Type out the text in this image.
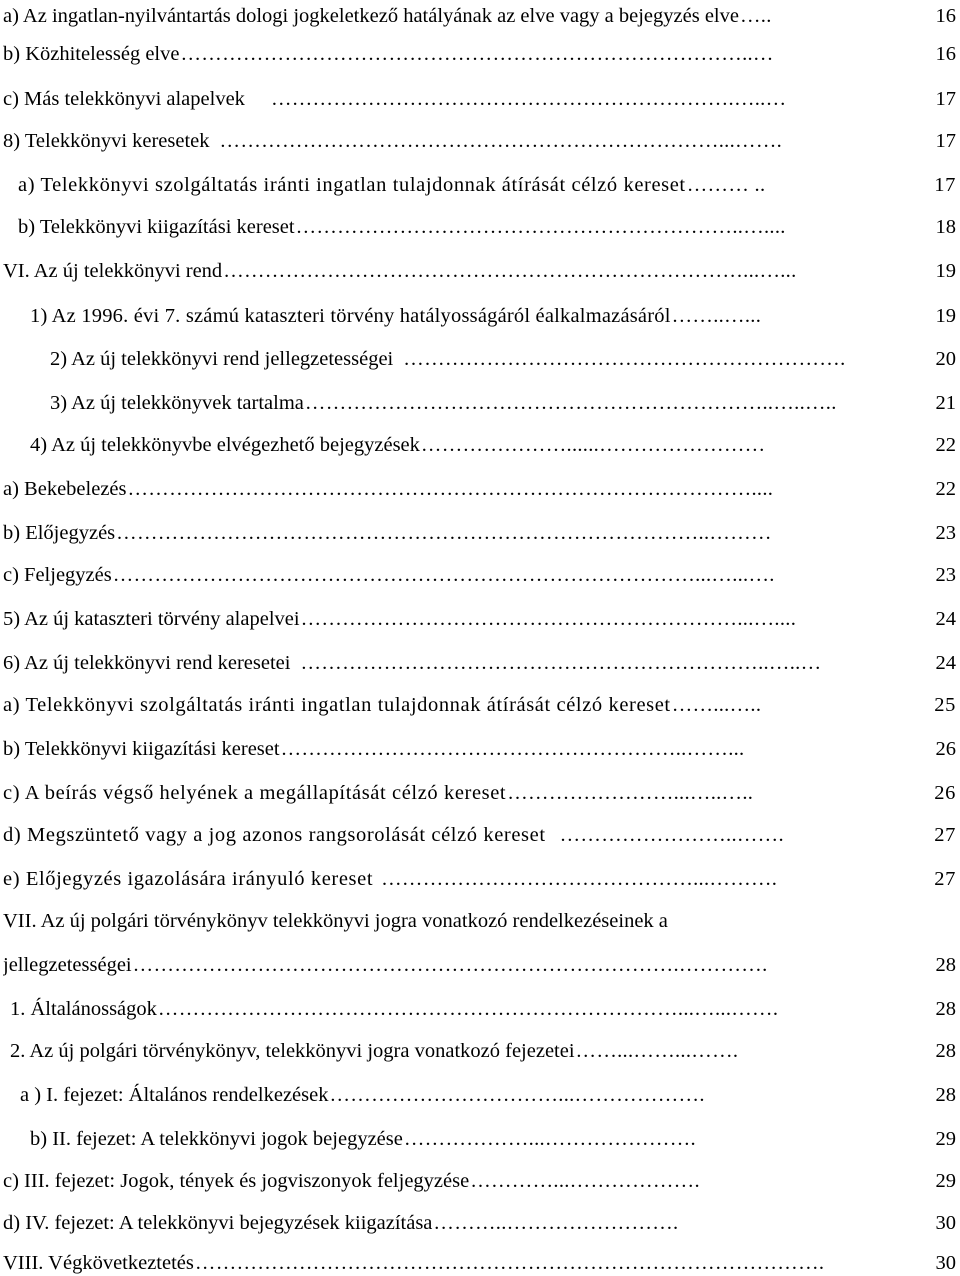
a) Az ingatlan-nyilvántartás dologi jogkeletkező hatályának az elve vagy a bejegyzés elve …..	16
b) Közhitelesség elve ………………………………………………………………………..…	16
c) Más telekkönyvi alapelvek ………………………………………………………….…..…	17
8) Telekkönyvi keresetek ………………………………………………………………...…….	17
a) Telekkönyvi szolgáltatás iránti ingatlan tulajdonnak átírását célzó kereset ……… ..	17
b) Telekkönyvi kiigazítási kereset ………………………………………………………..…....	18
VI. Az új telekkönyvi rend …………………………………………………………………...…...	19
1) Az 1996. évi 7. számú kataszteri törvény hatályosságáról éalkalmazásáról ……..…...	19
2) Az új telekkönyvi rend jellegzetességei ……………………………………………………….	20
3) Az új telekkönyvek tartalma …………………………………………………………..…..…..	21
4) Az új telekkönyvbe elvégezhető bejegyzések …………………......……………………	22
a) Bekebelezés ………………………………………………………………………………....	22
b) Előjegyzés …………………………………………………………………………..………	23
c) Feljegyzés …………………………………………………………………………...…...….	23
5) Az új kataszteri törvény alapelvei ………………………………………………………...…....	24
6) Az új telekkönyvi rend keresetei …………………………………………………………..…..…	24
a) Telekkönyvi szolgáltatás iránti ingatlan tulajdonnak átírását célzó kereset ……...…..	25
b) Telekkönyvi kiigazítási kereset …………………………………………………..……...	26
c) A beírás végső helyének a megállapítását célzó kereset ……………………...…..…..	26
d) Megszüntető vagy a jog azonos rangsorolását célzó kereset ……………………..…….	27
e) Előjegyzés igazolására irányuló kereset ………………………………………...……….	27
VII. Az új polgári törvénykönyv telekkönyvi jogra vonatkozó rendelkezéseinek a
jellegzetességei …………………………………………………………………….………….	28
1. Általánosságok …………………………………………………………………...…...…….	28
2. Az új polgári törvénykönyv, telekkönyvi jogra vonatkozó fejezetei ……...……...…….	28
a ) I. fejezet: Általános rendelkezések ……………………………...……………….	28
b) II. fejezet: A telekkönyvi jogok bejegyzése ………………...………………….	29
c) III. fejezet: Jogok, tények és jogviszonyok feljegyzése …………...……………….	29
d) IV. fejezet: A telekkönyvi bejegyzések kiigazítása ………..…………………….	30
VIII. Végkövetkeztetés ……………………………………………………………………………….	30
